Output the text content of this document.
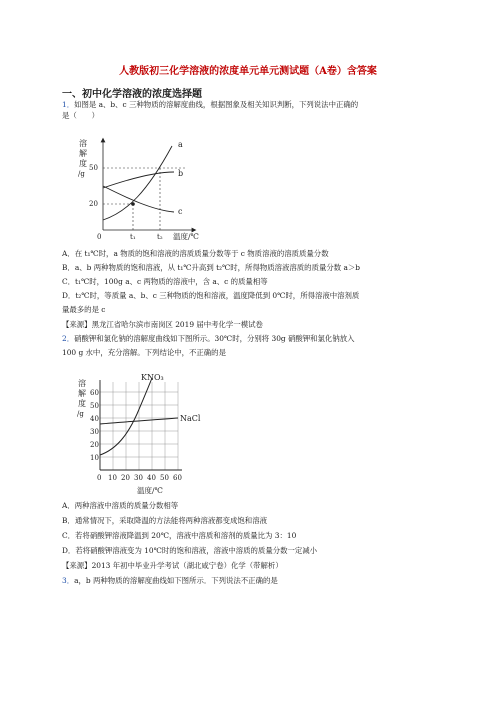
人教版初三化学溶液的浓度单元单元测试题（A卷）含答案
一、初中化学溶液的浓度选择题
1．如图是 a、b、c 三种物质的溶解度曲线，根据图象及相关知识判断，下列说法中正确的
是（　　）
溶
解
度
/g
50
20
a
b
c
0	t₁	t₂ 温度/℃
A．在 t₁℃时，a 物质的饱和溶液的溶质质量分数等于 c 物质溶液的溶质质量分数
B．a、b 两种物质的饱和溶液，从 t₁℃升高到 t₂℃时，所得物质溶液溶质的质量分数 a＞b
C．t₁℃时，100g a、c 两物质的溶液中，含 a、c 的质量相等
D．t₂℃时，等质量 a、b、c 三种物质的饱和溶液，温度降低到 0℃时，所得溶液中溶剂质
量最多的是 c
【来源】黑龙江省哈尔滨市南岗区 2019 届中考化学一模试卷
2．硝酸钾和氯化钠的溶解度曲线如下图所示。30℃时，分别将 30g 硝酸钾和氯化钠放入
100 g 水中，充分溶解。下列结论中，不正确的是
溶
解
度
/g
60
50
40
30
20
10
KNO₃
NaCl
0 10 20 30 40 50 60
温度/℃
A．两种溶液中溶质的质量分数相等
B．通常情况下，采取降温的方法能将两种溶液都变成饱和溶液
C．若将硝酸钾溶液降温到 20℃，溶液中溶质和溶剂的质量比为 3：10
D．若将硝酸钾溶液变为 10℃时的饱和溶液，溶液中溶质的质量分数一定减小
【来源】2013 年初中毕业升学考试（湖北咸宁卷）化学（带解析）
3．a，b 两种物质的溶解度曲线如下图所示．下列说法不正确的是
